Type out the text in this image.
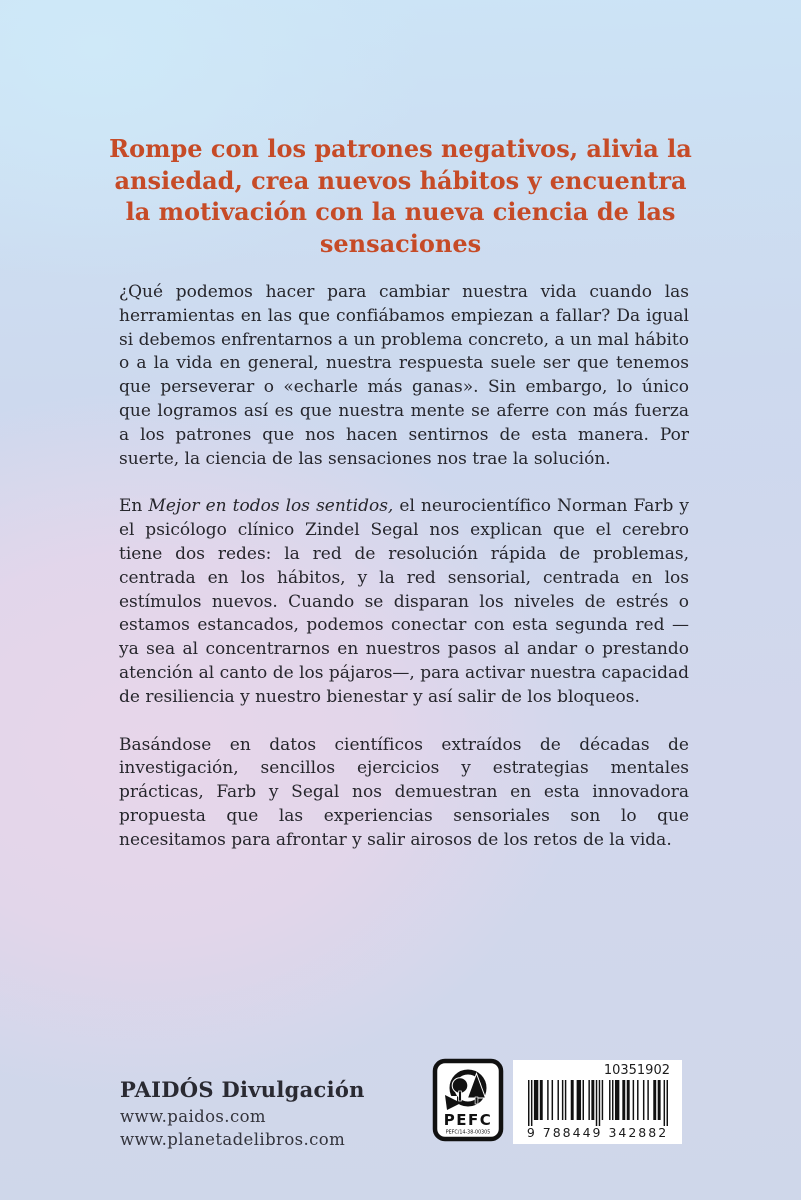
Rompe con los patrones negativos, alivia la ansiedad, crea nuevos hábitos y encuentra la motivación con la nueva ciencia de las sensaciones

¿Qué podemos hacer para cambiar nuestra vida cuando las herramientas en las que confiábamos empiezan a fallar? Da igual si debemos enfrentarnos a un problema concreto, a un mal hábito o a la vida en general, nuestra respuesta suele ser que tenemos que perseverar o «echarle más ganas». Sin embargo, lo único que logramos así es que nuestra mente se aferre con más fuerza a los patrones que nos hacen sentirnos de esta manera. Por suerte, la ciencia de las sensaciones nos trae la solución.

En Mejor en todos los sentidos, el neurocientífico Norman Farb y el psicólogo clínico Zindel Segal nos explican que el cerebro tiene dos redes: la red de resolución rápida de problemas, centrada en los hábitos, y la red sensorial, centrada en los estímulos nuevos. Cuando se disparan los niveles de estrés o estamos estancados, podemos conectar con esta segunda red —ya sea al concentrarnos en nuestros pasos al andar o prestando atención al canto de los pájaros—, para activar nuestra capacidad de resiliencia y nuestro bienestar y así salir de los bloqueos.

Basándose en datos científicos extraídos de décadas de investigación, sencillos ejercicios y estrategias mentales prácticas, Farb y Segal nos demuestran en esta innovadora propuesta que las experiencias sensoriales son lo que necesitamos para afrontar y salir airosos de los retos de la vida.

PAIDÓS Divulgación
www.paidos.com
www.planetadelibros.com
PEFC
PEFC/14-38-00305
10351902
9 788449 342882
